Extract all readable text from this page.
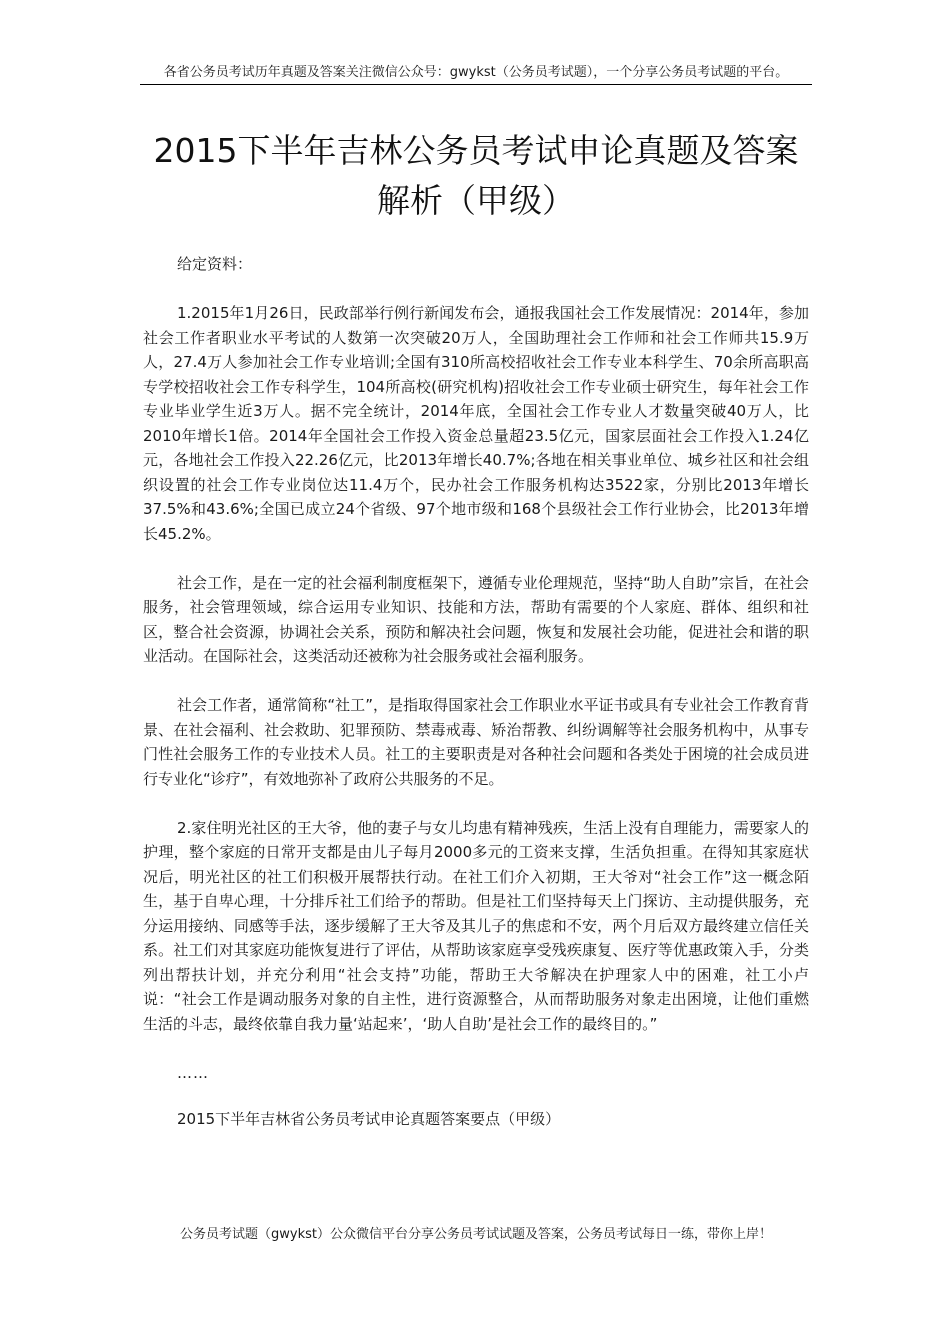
各省公务员考试历年真题及答案关注微信公众号：gwykst（公务员考试题），一个分享公务员考试题的平台。
2015下半年吉林公务员考试申论真题及答案解析（甲级）

给定资料：

1.2015年1月26日，民政部举行例行新闻发布会，通报我国社会工作发展情况：2014年，参加社会工作者职业水平考试的人数第一次突破20万人，全国助理社会工作师和社会工作师共15.9万人，27.4万人参加社会工作专业培训;全国有310所高校招收社会工作专业本科学生、70余所高职高专学校招收社会工作专科学生，104所高校(研究机构)招收社会工作专业硕士研究生，每年社会工作专业毕业学生近3万人。据不完全统计，2014年底，全国社会工作专业人才数量突破40万人，比2010年增长1倍。2014年全国社会工作投入资金总量超23.5亿元，国家层面社会工作投入1.24亿元，各地社会工作投入22.26亿元，比2013年增长40.7%;各地在相关事业单位、城乡社区和社会组织设置的社会工作专业岗位达11.4万个，民办社会工作服务机构达3522家，分别比2013年增长37.5%和43.6%;全国已成立24个省级、97个地市级和168个县级社会工作行业协会，比2013年增长45.2%。

社会工作，是在一定的社会福利制度框架下，遵循专业伦理规范，坚持“助人自助”宗旨，在社会服务，社会管理领域，综合运用专业知识、技能和方法，帮助有需要的个人家庭、群体、组织和社区，整合社会资源，协调社会关系，预防和解决社会问题，恢复和发展社会功能，促进社会和谐的职业活动。在国际社会，这类活动还被称为社会服务或社会福利服务。

社会工作者，通常简称“社工”，是指取得国家社会工作职业水平证书或具有专业社会工作教育背景、在社会福利、社会救助、犯罪预防、禁毒戒毒、矫治帮教、纠纷调解等社会服务机构中，从事专门性社会服务工作的专业技术人员。社工的主要职责是对各种社会问题和各类处于困境的社会成员进行专业化“诊疗”，有效地弥补了政府公共服务的不足。

2.家住明光社区的王大爷，他的妻子与女儿均患有精神残疾，生活上没有自理能力，需要家人的护理，整个家庭的日常开支都是由儿子每月2000多元的工资来支撑，生活负担重。在得知其家庭状况后，明光社区的社工们积极开展帮扶行动。在社工们介入初期，王大爷对“社会工作”这一概念陌生，基于自卑心理，十分排斥社工们给予的帮助。但是社工们坚持每天上门探访、主动提供服务，充分运用接纳、同感等手法，逐步缓解了王大爷及其儿子的焦虑和不安，两个月后双方最终建立信任关系。社工们对其家庭功能恢复进行了评估，从帮助该家庭享受残疾康复、医疗等优惠政策入手，分类列出帮扶计划，并充分利用“社会支持”功能，帮助王大爷解决在护理家人中的困难，社工小卢说：“社会工作是调动服务对象的自主性，进行资源整合，从而帮助服务对象走出困境，让他们重燃生活的斗志，最终依靠自我力量‘站起来’，‘助人自助’是社会工作的最终目的。”

……

2015下半年吉林省公务员考试申论真题答案要点（甲级）

公务员考试题（gwykst）公众微信平台分享公务员考试试题及答案，公务员考试每日一练，带你上岸！
